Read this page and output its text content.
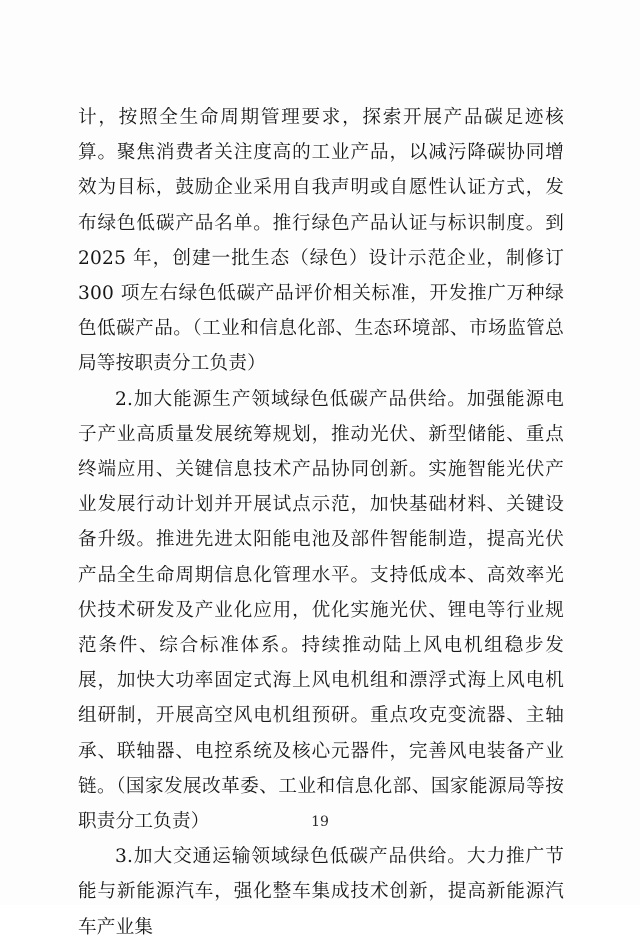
计，按照全生命周期管理要求，探索开展产品碳足迹核算。聚焦消费者关注度高的工业产品，以减污降碳协同增效为目标，鼓励企业采用自我声明或自愿性认证方式，发布绿色低碳产品名单。推行绿色产品认证与标识制度。到 2025 年，创建一批生态（绿色）设计示范企业，制修订 300 项左右绿色低碳产品评价相关标准，开发推广万种绿色低碳产品。（工业和信息化部、生态环境部、市场监管总局等按职责分工负责）

2.加大能源生产领域绿色低碳产品供给。加强能源电子产业高质量发展统筹规划，推动光伏、新型储能、重点终端应用、关键信息技术产品协同创新。实施智能光伏产业发展行动计划并开展试点示范，加快基础材料、关键设备升级。推进先进太阳能电池及部件智能制造，提高光伏产品全生命周期信息化管理水平。支持低成本、高效率光伏技术研发及产业化应用，优化实施光伏、锂电等行业规范条件、综合标准体系。持续推动陆上风电机组稳步发展，加快大功率固定式海上风电机组和漂浮式海上风电机组研制，开展高空风电机组预研。重点攻克变流器、主轴承、联轴器、电控系统及核心元器件，完善风电装备产业链。（国家发展改革委、工业和信息化部、国家能源局等按职责分工负责）

3.加大交通运输领域绿色低碳产品供给。大力推广节能与新能源汽车，强化整车集成技术创新，提高新能源汽车产业集

19
